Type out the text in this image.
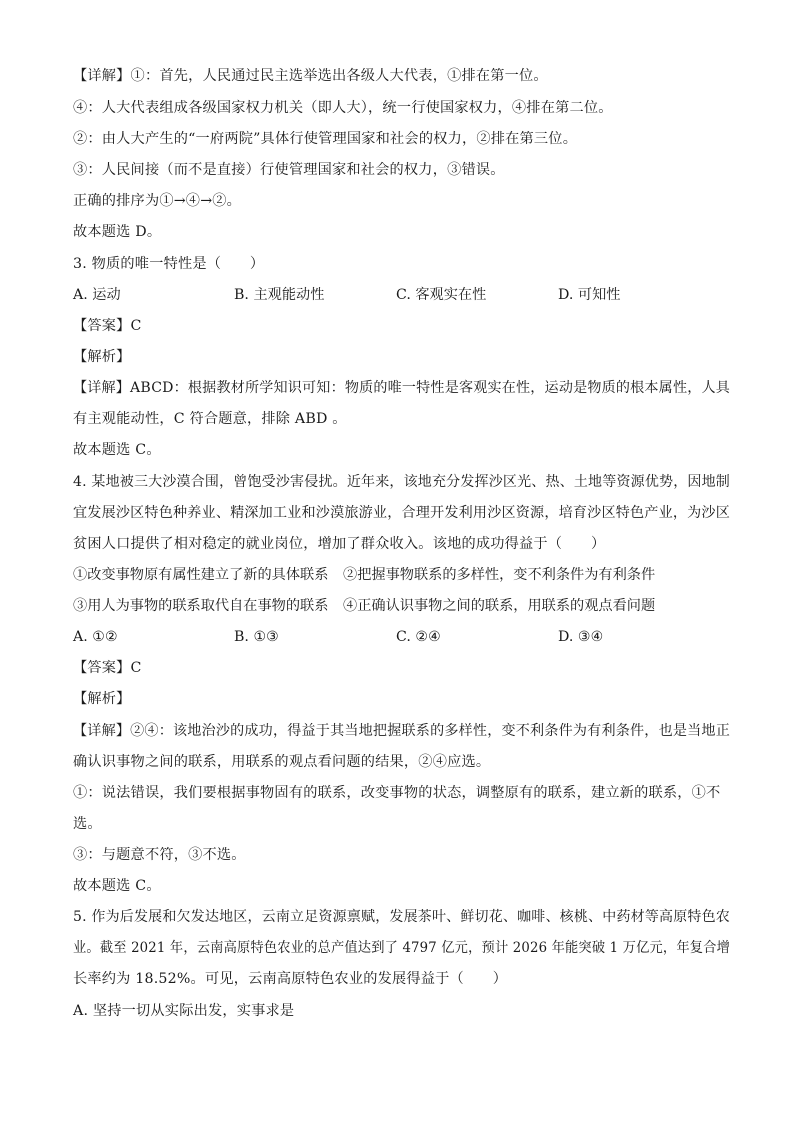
【详解】①：首先，人民通过民主选举选出各级人大代表，①排在第一位。
④：人大代表组成各级国家权力机关（即人大），统一行使国家权力，④排在第二位。
②：由人大产生的“一府两院”具体行使管理国家和社会的权力，②排在第三位。
③：人民间接（而不是直接）行使管理国家和社会的权力，③错误。
正确的排序为①→④→②。
故本题选 D。
3. 物质的唯一特性是（　　）
A. 运动	B. 主观能动性	C. 客观实在性	D. 可知性
【答案】C
【解析】
【详解】ABCD：根据教材所学知识可知：物质的唯一特性是客观实在性，运动是物质的根本属性，人具
有主观能动性，C 符合题意，排除 ABD 。
故本题选 C。
4. 某地被三大沙漠合围，曾饱受沙害侵扰。近年来，该地充分发挥沙区光、热、土地等资源优势，因地制
宜发展沙区特色种养业、精深加工业和沙漠旅游业，合理开发利用沙区资源，培育沙区特色产业，为沙区
贫困人口提供了相对稳定的就业岗位，增加了群众收入。该地的成功得益于（　　）
①改变事物原有属性建立了新的具体联系 ②把握事物联系的多样性，变不利条件为有利条件
③用人为事物的联系取代自在事物的联系 ④正确认识事物之间的联系，用联系的观点看问题
A. ①②	B. ①③	C. ②④	D. ③④
【答案】C
【解析】
【详解】②④：该地治沙的成功，得益于其当地把握联系的多样性，变不利条件为有利条件，也是当地正
确认识事物之间的联系，用联系的观点看问题的结果，②④应选。
①：说法错误，我们要根据事物固有的联系，改变事物的状态，调整原有的联系，建立新的联系，①不
选。
③：与题意不符，③不选。
故本题选 C。
5. 作为后发展和欠发达地区，云南立足资源禀赋，发展茶叶、鲜切花、咖啡、核桃、中药材等高原特色农
业。截至 2021 年，云南高原特色农业的总产值达到了 4797 亿元，预计 2026 年能突破 1 万亿元，年复合增
长率约为 18.52%。可见，云南高原特色农业的发展得益于（　　）
A. 坚持一切从实际出发，实事求是
